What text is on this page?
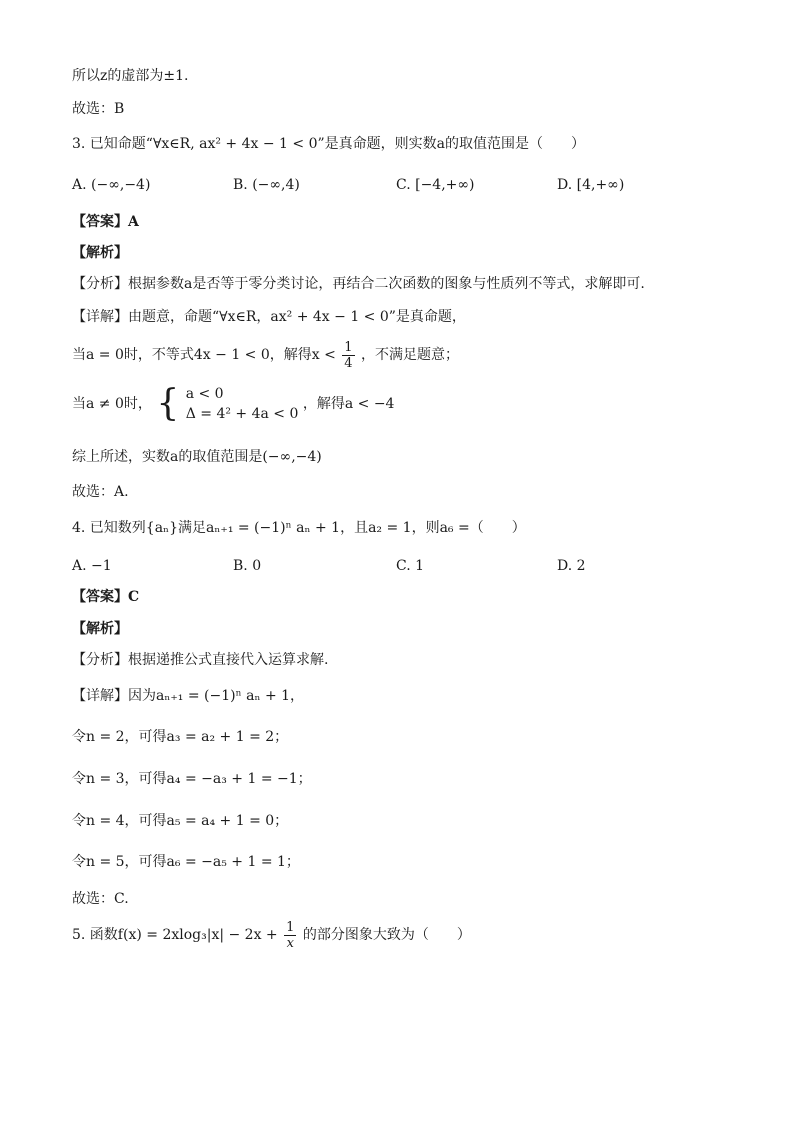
所以z的虚部为±1.
故选：B
3. 已知命题“∀x∈R, ax² + 4x − 1 < 0”是真命题，则实数a的取值范围是（　　）
A. (−∞,−4)	B. (−∞,4)	C. [−4,+∞)	D. [4,+∞)
【答案】A
【解析】
【分析】根据参数a是否等于零分类讨论，再结合二次函数的图象与性质列不等式，求解即可.
【详解】由题意，命题“∀x∈R，ax² + 4x − 1 < 0”是真命题，
当a = 0时，不等式4x − 1 < 0，解得$x < \frac{1}{4}$ ，不满足题意；
当a ≠ 0时， { a < 0
Δ = 4² + 4a < 0
，解得a < −4
综上所述，实数a的取值范围是(−∞,−4)
故选：A.
4. 已知数列{aₙ}满足aₙ₊₁ = (−1)ⁿ aₙ + 1，且a₂ = 1，则a₆ =（　　）
A. −1	B. 0	C. 1	D. 2
【答案】C
【解析】
【分析】根据递推公式直接代入运算求解.
【详解】因为aₙ₊₁ = (−1)ⁿ aₙ + 1，
令n = 2，可得a₃ = a₂ + 1 = 2；
令n = 3，可得a₄ = −a₃ + 1 = −1；
令n = 4，可得a₅ = a₄ + 1 = 0；
令n = 5，可得a₆ = −a₅ + 1 = 1；
故选：C.
5. 函数$f(x) = 2xlog_3|x| - 2x + \frac{1}{x}$ 的部分图象大致为（　　）
